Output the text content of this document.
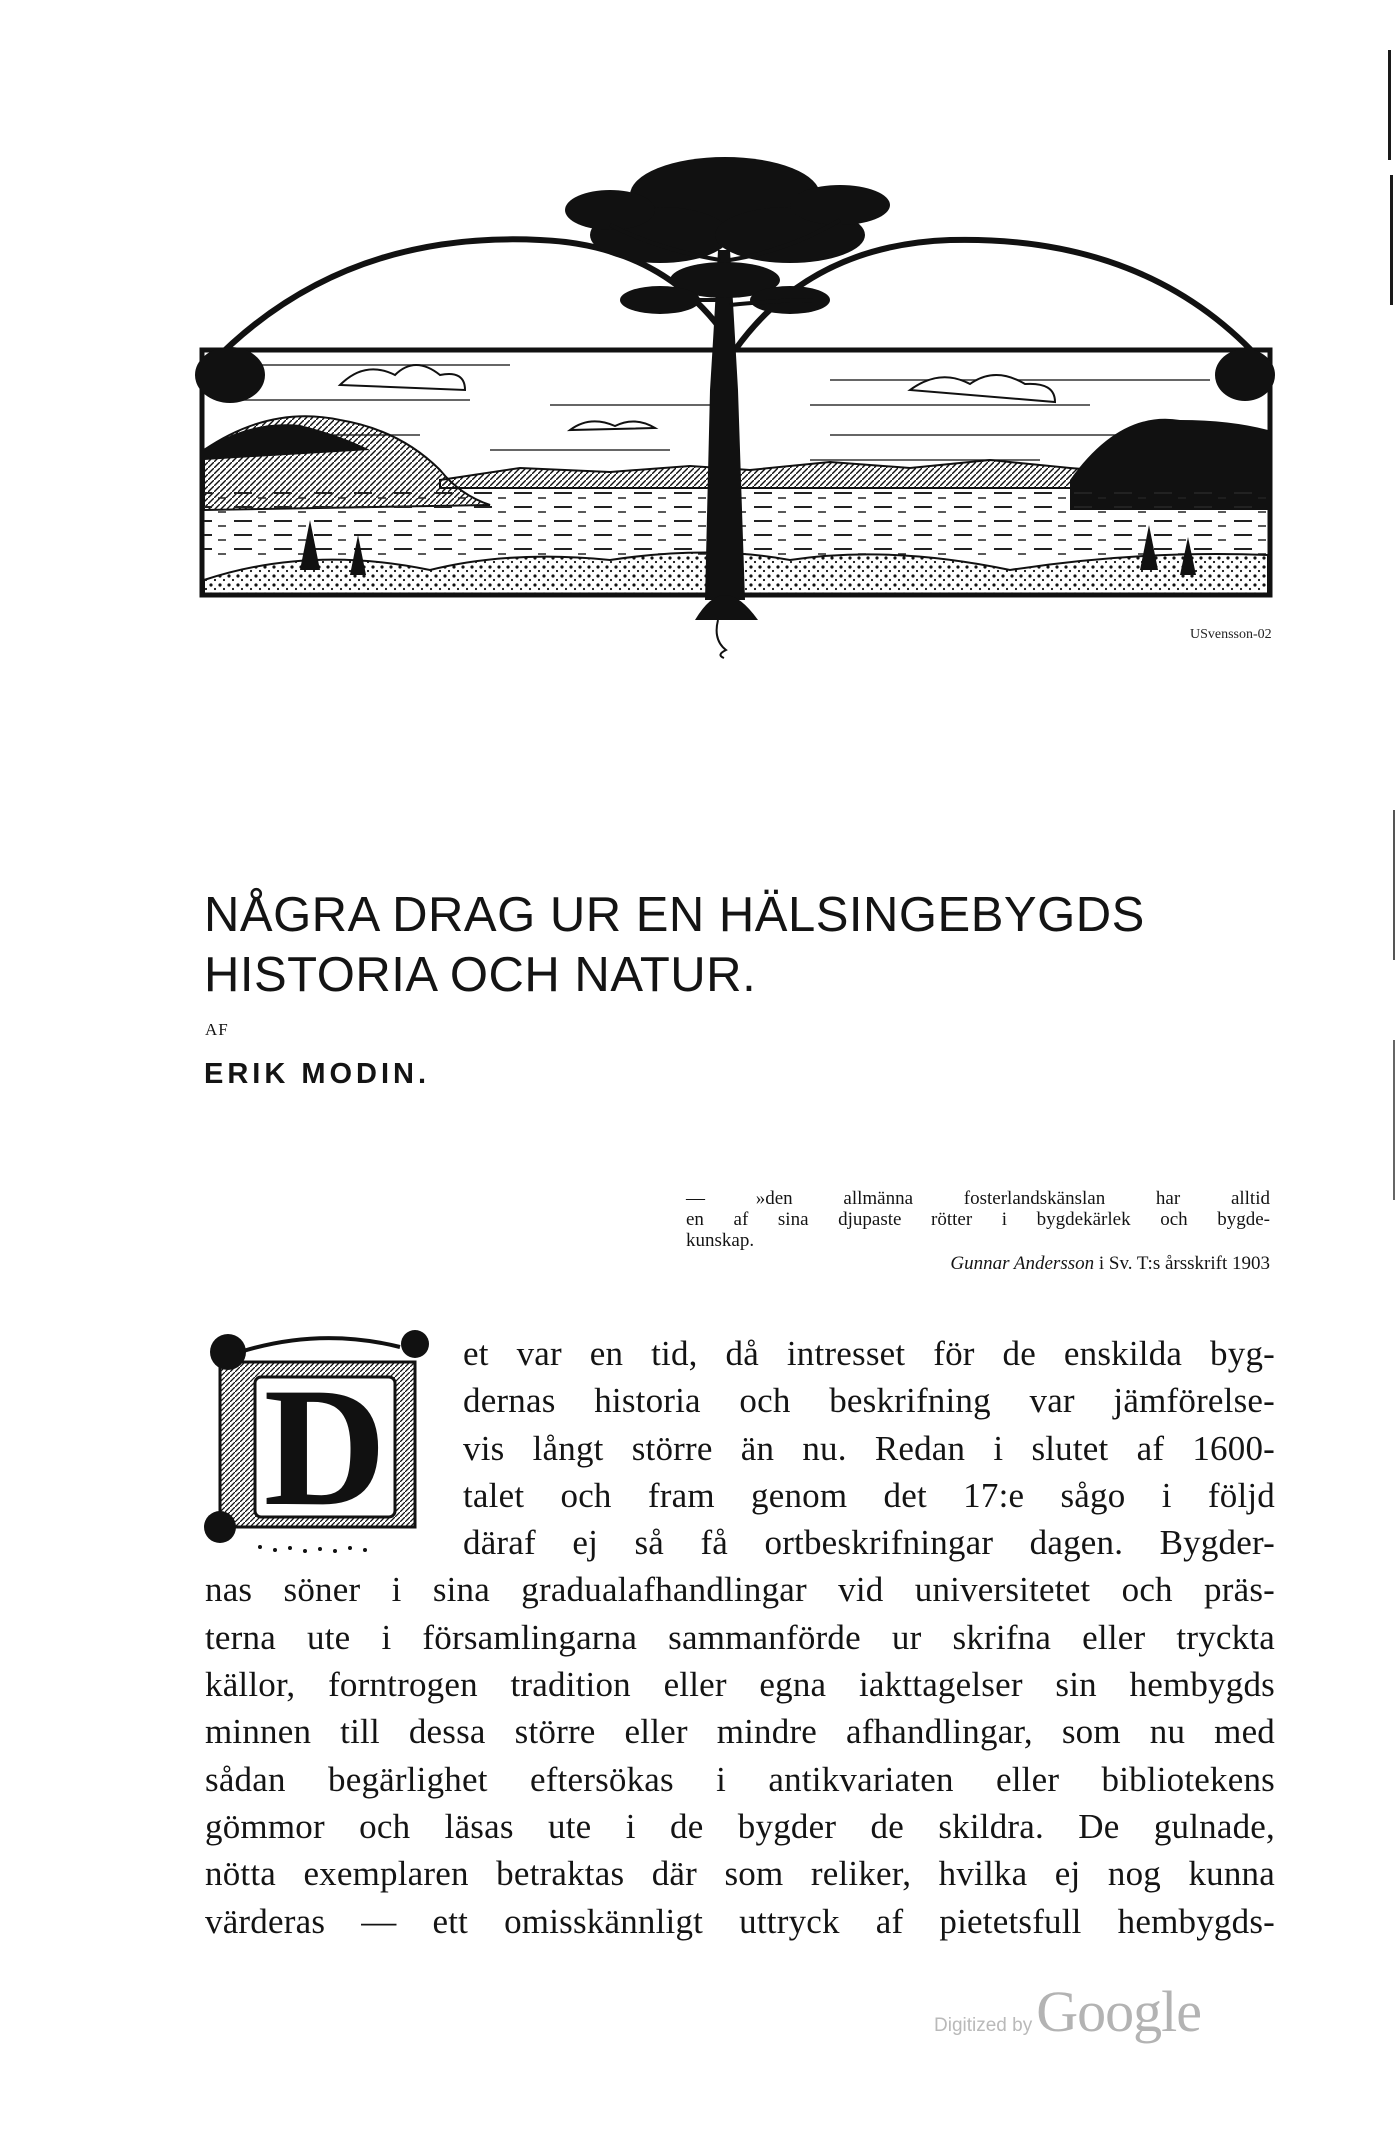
USvensson-02
NÅGRA DRAG UR EN HÄLSINGEBYGDS
HISTORIA OCH NATUR.
AF
ERIK MODIN.
— »den allmänna fosterlandskänslan har alltid
en af sina djupaste rötter i bygdekärlek och bygde-
kunskap.
Gunnar Andersson i Sv. T:s årsskrift 1903
D et var en tid, då intresset för de enskilda byg-
dernas historia och beskrifning var jämförelse-
vis långt större än nu. Redan i slutet af 1600-
talet och fram genom det 17:e sågo i följd
däraf ej så få ortbeskrifningar dagen. Bygder-
nas söner i sina gradualafhandlingar vid universitetet och präs-
terna ute i församlingarna sammanförde ur skrifna eller tryckta
källor, forntrogen tradition eller egna iakttagelser sin hembygds
minnen till dessa större eller mindre afhandlingar, som nu med
sådan begärlighet eftersökas i antikvariaten eller bibliotekens
gömmor och läsas ute i de bygder de skildra. De gulnade,
nötta exemplaren betraktas där som reliker, hvilka ej nog kunna
värderas — ett omisskännligt uttryck af pietetsfull hembygds-
Digitized by Google
